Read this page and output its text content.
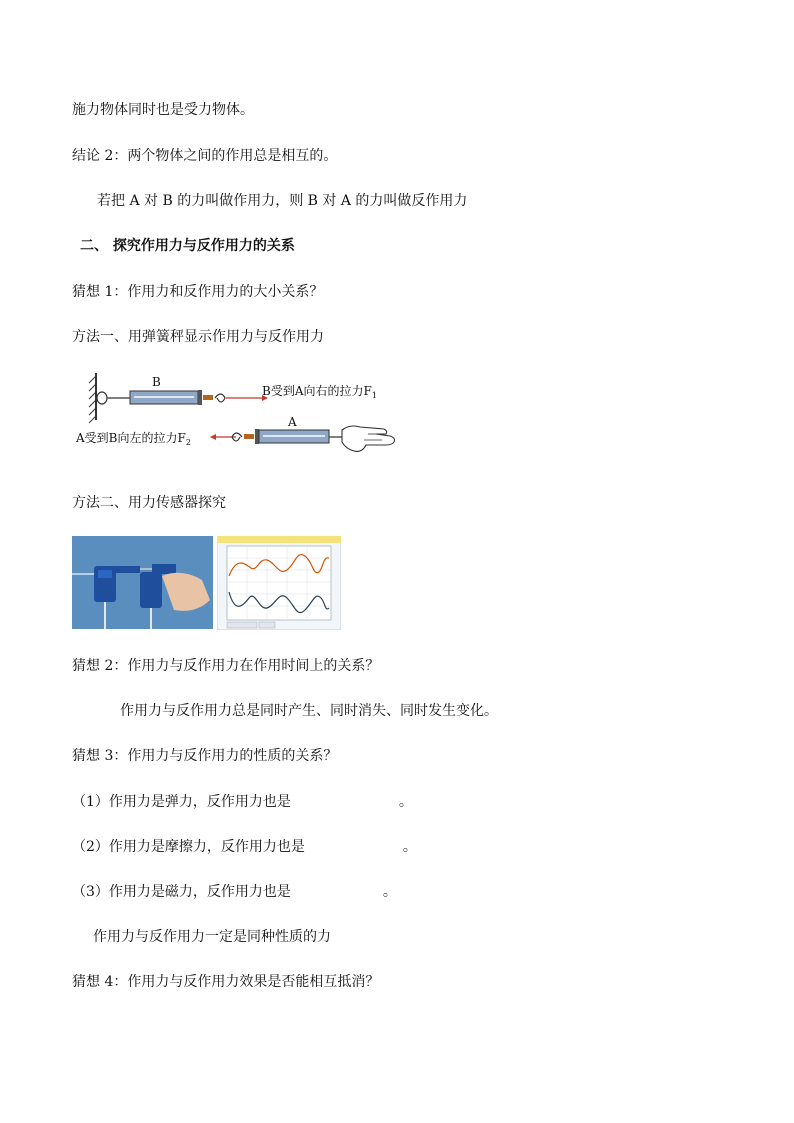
施力物体同时也是受力物体。
结论 2：两个物体之间的作用总是相互的。
若把 A 对 B 的力叫做作用力，则 B 对 A 的力叫做反作用力
二、 探究作用力与反作用力的关系
猜想 1：作用力和反作用力的大小关系？
方法一、用弹簧秤显示作用力与反作用力
B
B受到A向右的拉力$F_1$
A受到B向左的拉力$F_2$
A
方法二、用力传感器探究
猜想 2：作用力与反作用力在作用时间上的关系？
作用力与反作用力总是同时产生、同时消失、同时发生变化。
猜想 3：作用力与反作用力的性质的关系？
（1）作用力是弹力，反作用力也是	。
（2）作用力是摩擦力，反作用力也是	。
（3）作用力是磁力，反作用力也是	。
作用力与反作用力一定是同种性质的力
猜想 4：作用力与反作用力效果是否能相互抵消？
